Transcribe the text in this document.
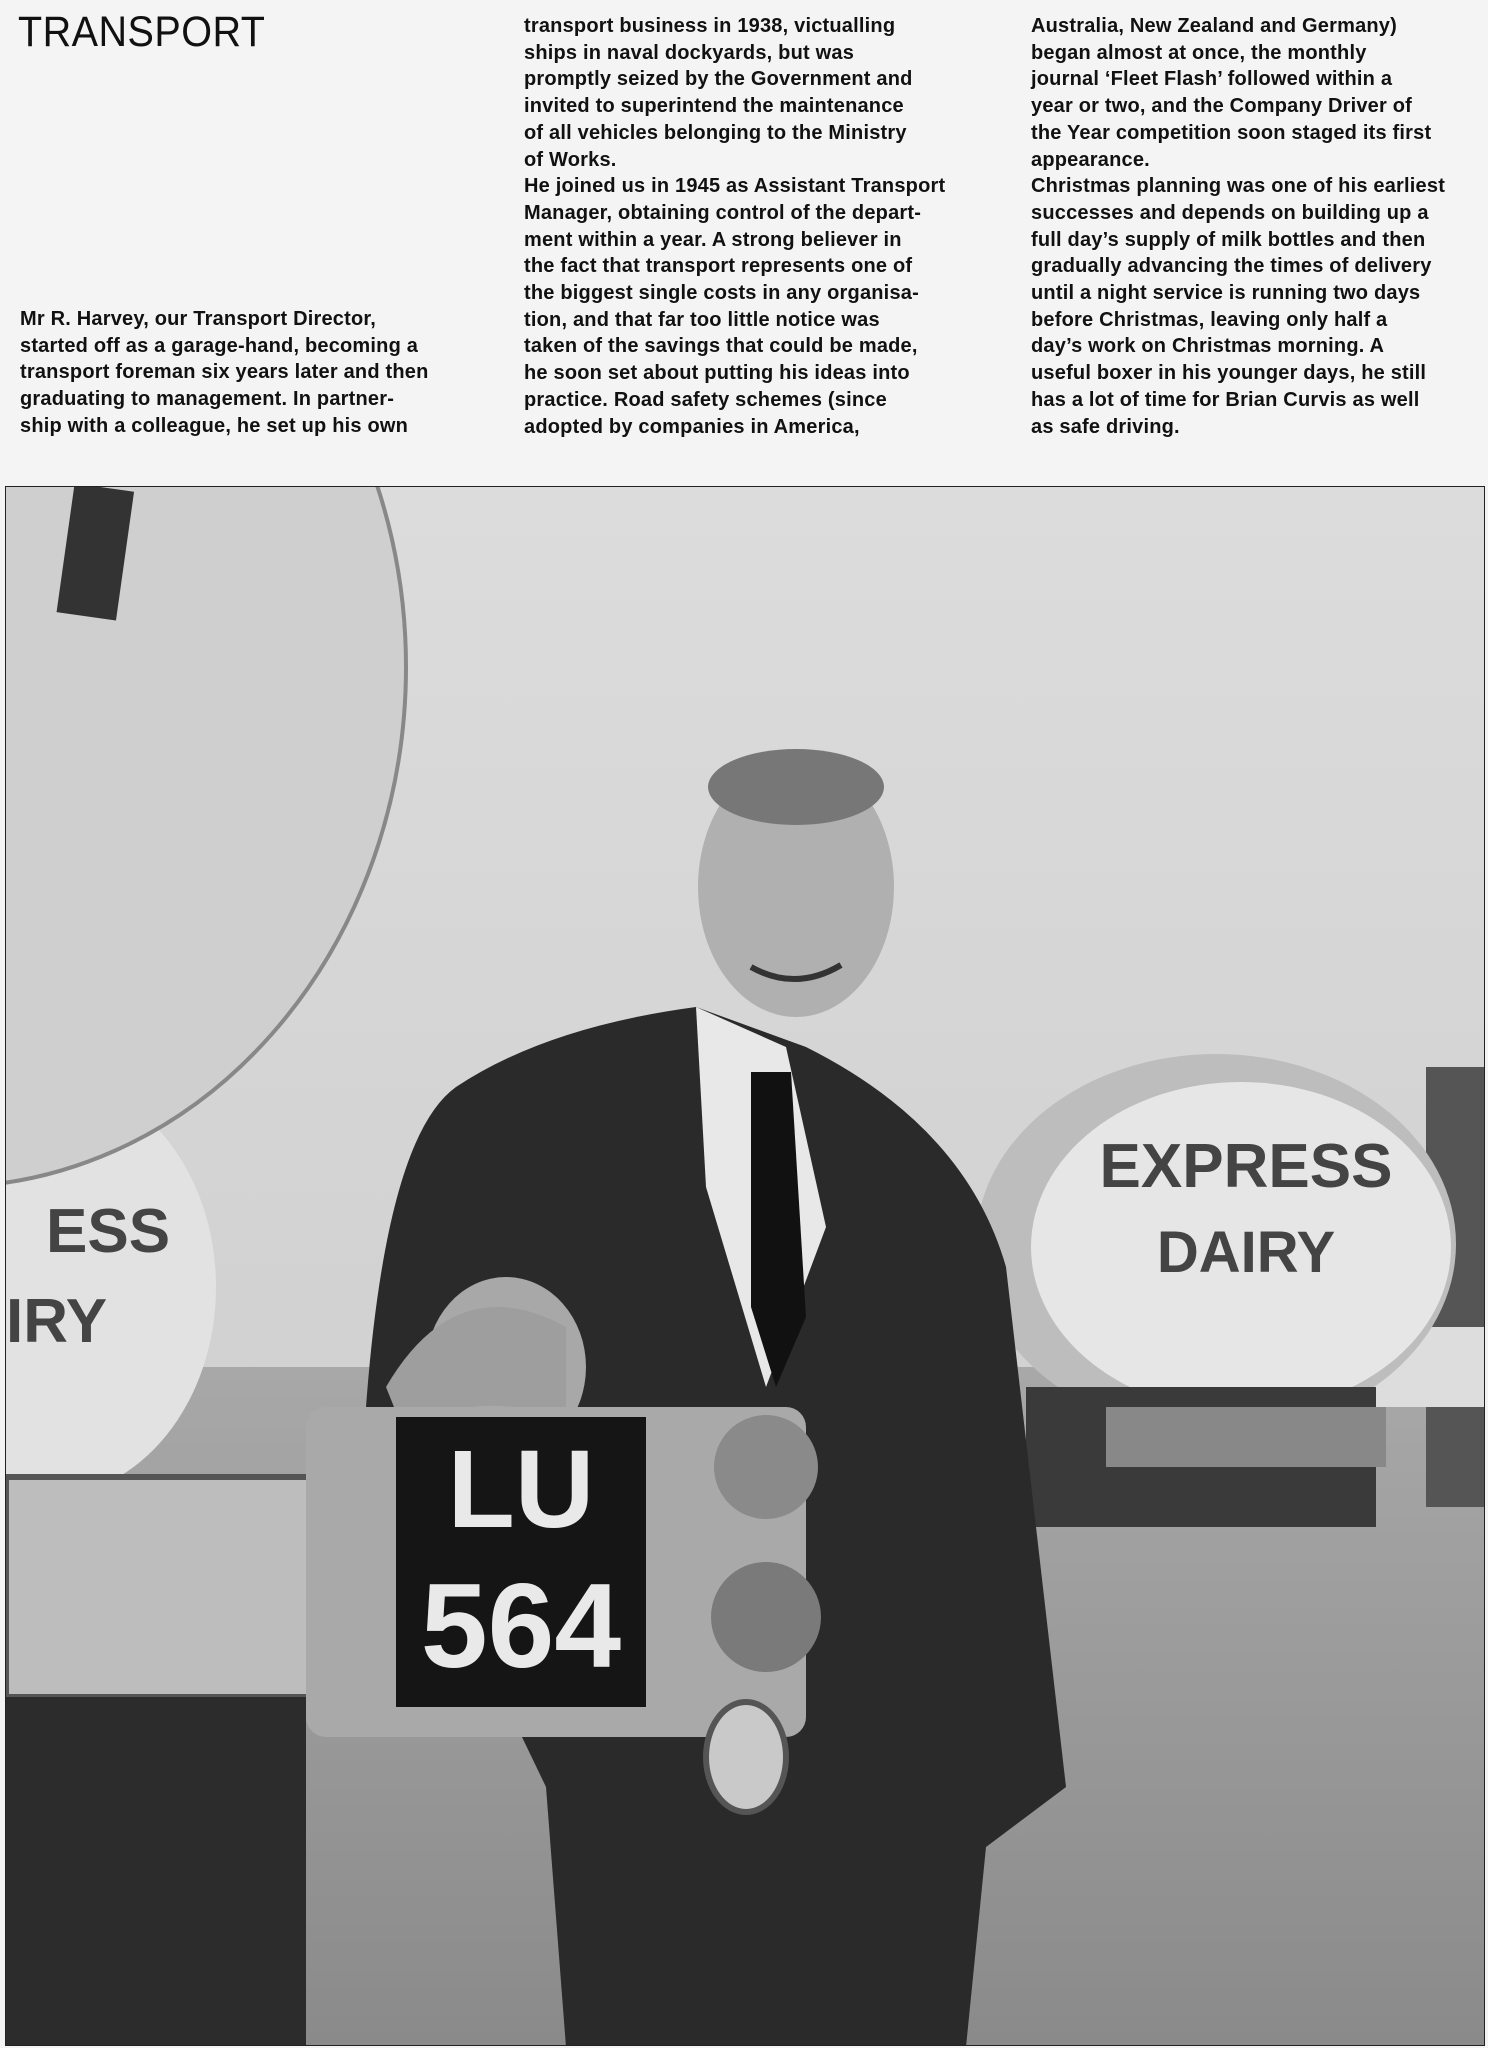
TRANSPORT
Mr R. Harvey, our Transport Director,
started off as a garage-hand, becoming a
transport foreman six years later and then
graduating to management. In partner-
ship with a colleague, he set up his own
transport business in 1938, victualling
ships in naval dockyards, but was
promptly seized by the Government and
invited to superintend the maintenance
of all vehicles belonging to the Ministry
of Works.
He joined us in 1945 as Assistant Transport
Manager, obtaining control of the depart-
ment within a year. A strong believer in
the fact that transport represents one of
the biggest single costs in any organisa-
tion, and that far too little notice was
taken of the savings that could be made,
he soon set about putting his ideas into
practice. Road safety schemes (since
adopted by companies in America,
Australia, New Zealand and Germany)
began almost at once, the monthly
journal ‘Fleet Flash’ followed within a
year or two, and the Company Driver of
the Year competition soon staged its first
appearance.
Christmas planning was one of his earliest
successes and depends on building up a
full day’s supply of milk bottles and then
gradually advancing the times of delivery
until a night service is running two days
before Christmas, leaving only half a
day’s work on Christmas morning. A
useful boxer in his younger days, he still
has a lot of time for Brian Curvis as well
as safe driving.
EXPRESS
DAIRY
ESS
IRY
LU
564
